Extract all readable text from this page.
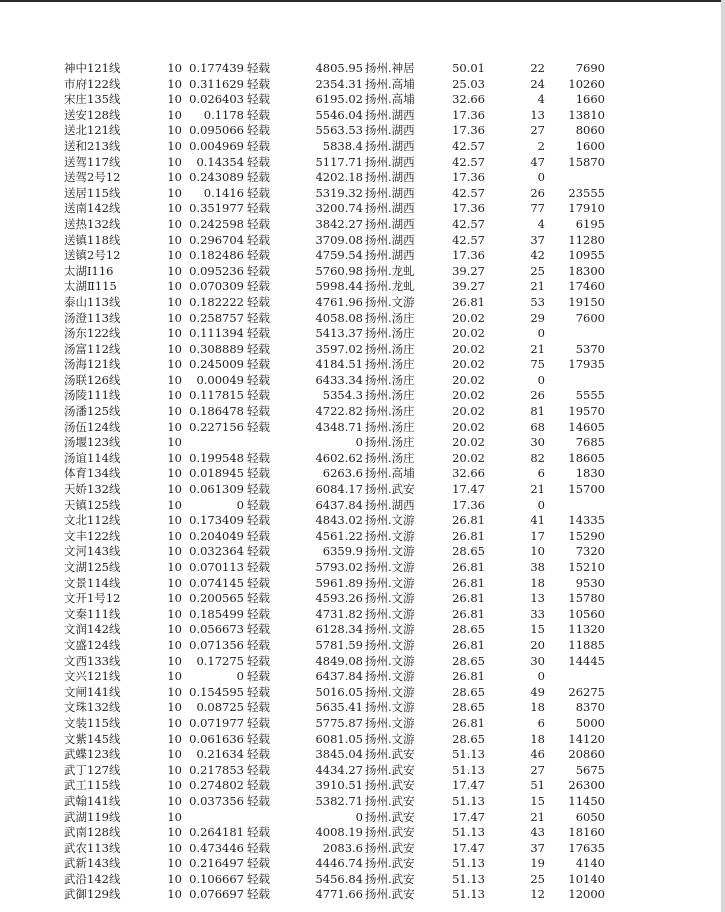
神中121线	10 0.177439 轻载	4805.95 扬州.神居	50.01	22	7690
市府122线	10 0.311629 轻载	2354.31 扬州.高埔	25.03	24	10260
宋庄135线	10 0.026403 轻载	6195.02 扬州.高埔	32.66	4	1660
送安128线	10	0.1178 轻载	5546.04 扬州.湖西	17.36	13	13810
送北121线	10 0.095066 轻载	5563.53 扬州.湖西	17.36	27	8060
送和213线	10 0.004969 轻载	5838.4 扬州.湖西	42.57	2	1600
送驾117线	10	0.14354 轻载	5117.71 扬州.湖西	42.57	47	15870
送驾2号12	10 0.243089 轻载	4202.18 扬州.湖西	17.36	0
送居115线	10	0.1416 轻载	5319.32 扬州.湖西	42.57	26	23555
送南142线	10 0.351977 轻载	3200.74 扬州.湖西	17.36	77	17910
送热132线	10 0.242598 轻载	3842.27 扬州.湖西	42.57	4	6195
送镇118线	10 0.296704 轻载	3709.08 扬州.湖西	42.57	37	11280
送镇2号12	10 0.182486 轻载	4759.54 扬州.湖西	17.36	42	10955
太湖Ⅰ116	10 0.095236 轻载	5760.98 扬州.龙虬	39.27	25	18300
太湖Ⅱ115	10 0.070309 轻载	5998.44 扬州.龙虬	39.27	21	17460
泰山113线	10 0.182222 轻载	4761.96 扬州.文游	26.81	53	19150
汤澄113线	10 0.258757 轻载	4058.08 扬州.汤庄	20.02	29	7600
汤东122线	10 0.111394 轻载	5413.37 扬州.汤庄	20.02	0
汤富112线	10 0.308889 轻载	3597.02 扬州.汤庄	20.02	21	5370
汤海121线	10 0.245009 轻载	4184.51 扬州.汤庄	20.02	75	17935
汤联126线	10	0.00049 轻载	6433.34 扬州.汤庄	20.02	0
汤陵111线	10 0.117815 轻载	5354.3 扬州.汤庄	20.02	26	5555
汤潘125线	10 0.186478 轻载	4722.82 扬州.汤庄	20.02	81	19570
汤伍124线	10 0.227156 轻载	4348.71 扬州.汤庄	20.02	68	14605
汤堰123线	10	0 扬州.汤庄	20.02	30	7685
汤谊114线	10 0.199548 轻载	4602.62 扬州.汤庄	20.02	82	18605
体育134线	10 0.018945 轻载	6263.6 扬州.高埔	32.66	6	1830
天娇132线	10 0.061309 轻载	6084.17 扬州.武安	17.47	21	15700
天镇125线	10	0 轻载	6437.84 扬州.湖西	17.36	0
文北112线	10 0.173409 轻载	4843.02 扬州.文游	26.81	41	14335
文丰122线	10 0.204049 轻载	4561.22 扬州.文游	26.81	17	15290
文河143线	10 0.032364 轻载	6359.9 扬州.文游	28.65	10	7320
文湖125线	10 0.070113 轻载	5793.02 扬州.文游	26.81	38	15210
文景114线	10 0.074145 轻载	5961.89 扬州.文游	26.81	18	9530
文开1号12	10 0.200565 轻载	4593.26 扬州.文游	26.81	13	15780
文秦111线	10 0.185499 轻载	4731.82 扬州.文游	26.81	33	10560
文润142线	10 0.056673 轻载	6128.34 扬州.文游	28.65	15	11320
文盛124线	10 0.071356 轻载	5781.59 扬州.文游	26.81	20	11885
文西133线	10	0.17275 轻载	4849.08 扬州.文游	28.65	30	14445
文兴121线	10	0 轻载	6437.84 扬州.文游	26.81	0
文闸141线	10 0.154595 轻载	5016.05 扬州.文游	28.65	49	26275
文珠132线	10	0.08725 轻载	5635.41 扬州.文游	28.65	18	8370
文装115线	10 0.071977 轻载	5775.87 扬州.文游	26.81	6	5000
文紫145线	10 0.061636 轻载	6081.05 扬州.文游	28.65	18	14120
武蝶123线	10	0.21634 轻载	3845.04 扬州.武安	51.13	46	20860
武丁127线	10 0.217853 轻载	4434.27 扬州.武安	51.13	27	5675
武工115线	10 0.274802 轻载	3910.51 扬州.武安	17.47	51	26300
武翰141线	10 0.037356 轻载	5382.71 扬州.武安	51.13	15	11450
武湖119线	10	0 扬州.武安	17.47	21	6050
武南128线	10 0.264181 轻载	4008.19 扬州.武安	51.13	43	18160
武农113线	10 0.473446 轻载	2083.6 扬州.武安	17.47	37	17635
武新143线	10 0.216497 轻载	4446.74 扬州.武安	51.13	19	4140
武沿142线	10 0.106667 轻载	5456.84 扬州.武安	51.13	25	10140
武御129线	10 0.076697 轻载	4771.66 扬州.武安	51.13	12	12000
